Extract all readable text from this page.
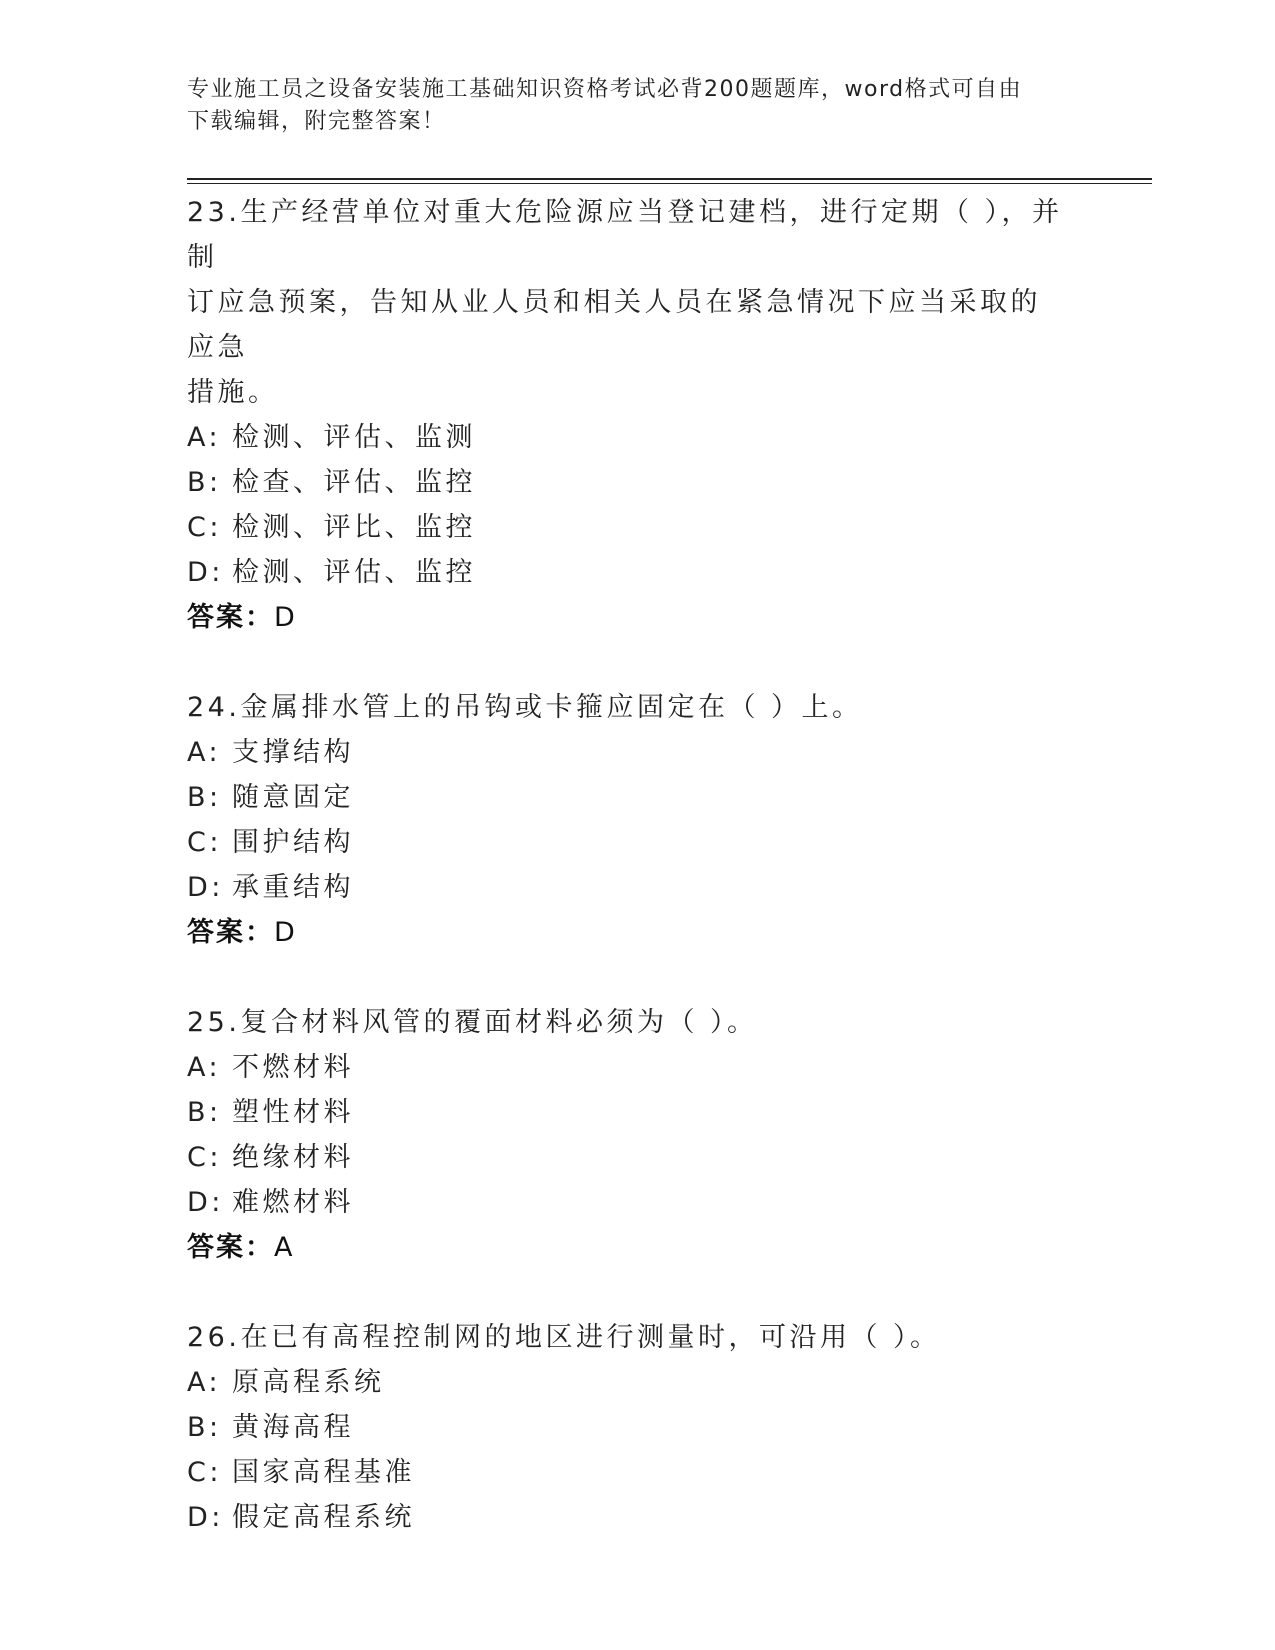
专业施工员之设备安装施工基础知识资格考试必背200题题库，word格式可自由
下载编辑，附完整答案！
23.生产经营单位对重大危险源应当登记建档，进行定期（ ），并制
订应急预案，告知从业人员和相关人员在紧急情况下应当采取的应急
措施。
A: 检测、评估、监测
B: 检查、评估、监控
C: 检测、评比、监控
D: 检测、评估、监控
答案：D
24.金属排水管上的吊钩或卡箍应固定在（ ）上。
A: 支撑结构
B: 随意固定
C: 围护结构
D: 承重结构
答案：D
25.复合材料风管的覆面材料必须为（ ）。
A: 不燃材料
B: 塑性材料
C: 绝缘材料
D: 难燃材料
答案：A
26.在已有高程控制网的地区进行测量时，可沿用（ ）。
A: 原高程系统
B: 黄海高程
C: 国家高程基准
D: 假定高程系统
